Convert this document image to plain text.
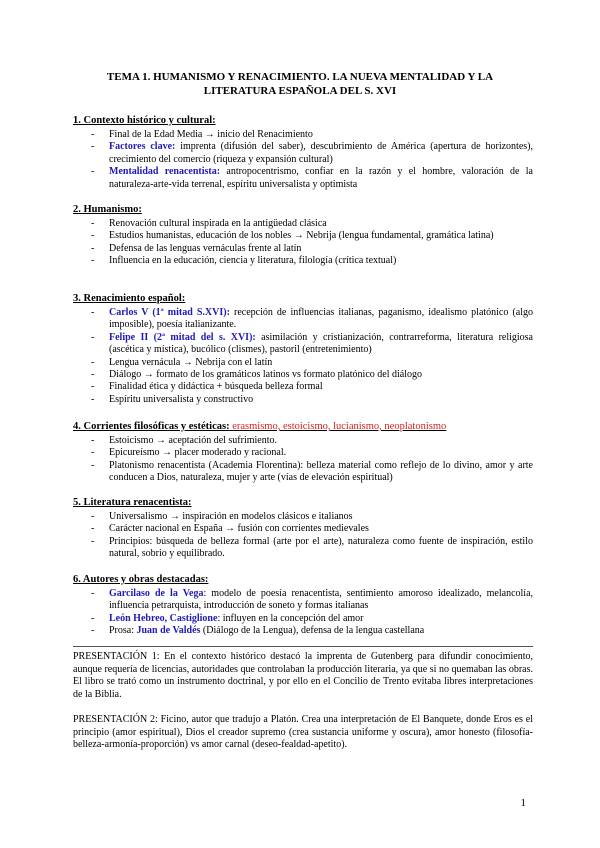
TEMA 1. HUMANISMO Y RENACIMIENTO. LA NUEVA MENTALIDAD Y LA LITERATURA ESPAÑOLA DEL S. XVI
1. Contexto histórico y cultural:
- Final de la Edad Media → inicio del Renacimiento
- Factores clave: imprenta (difusión del saber), descubrimiento de América (apertura de horizontes), crecimiento del comercio (riqueza y expansión cultural)
- Mentalidad renacentista: antropocentrismo, confiar en la razón y el hombre, valoración de la naturaleza-arte-vida terrenal, espíritu universalista y optimista
2. Humanismo:
- Renovación cultural inspirada en la antigüedad clásica
- Estudios humanistas, educación de los nobles → Nebrija (lengua fundamental, gramática latina)
- Defensa de las lenguas vernáculas frente al latín
- Influencia en la educación, ciencia y literatura, filología (crítica textual)
3. Renacimiento español:
- Carlos V (1ª mitad S.XVI): recepción de influencias italianas, paganismo, idealismo platónico (algo imposible), poesía italianizante.
- Felipe II (2ª mitad del s. XVI): asimilación y cristianización, contrarreforma, literatura religiosa (ascética y mística), bucólico (clismes), pastoril (entretenimiento)
- Lengua vernácula → Nebrija con el latín
- Diálogo → formato de los gramáticos latinos vs formato platónico del diálogo
- Finalidad ética y didáctica + búsqueda belleza formal
- Espíritu universalista y constructivo
4. Corrientes filosóficas y estéticas: erasmismo, estoicismo, lucianismo, neoplatonismo
- Estoicismo → aceptación del sufrimiento.
- Epicureísmo → placer moderado y racional.
- Platonismo renacentista (Academia Florentina): belleza material como reflejo de lo divino, amor y arte conducen a Dios, naturaleza, mujer y arte (vías de elevación espiritual)
5. Literatura renacentista:
- Universalismo → inspiración en modelos clásicos e italianos
- Carácter nacional en España → fusión con corrientes medievales
- Principios: búsqueda de belleza formal (arte por el arte), naturaleza como fuente de inspiración, estilo natural, sobrio y equilibrado.
6. Autores y obras destacadas:
- Garcilaso de la Vega: modelo de poesía renacentista, sentimiento amoroso idealizado, melancolía, influencia petrarquista, introducción de soneto y formas italianas
- León Hebreo, Castiglione: influyen en la concepción del amor
- Prosa: Juan de Valdés (Diálogo de la Lengua), defensa de la lengua castellana
PRESENTACIÓN 1: En el contexto histórico destacó la imprenta de Gutenberg para difundir conocimiento, aunque requería de licencias, autoridades que controlaban la producción literaria, ya que si no quemaban las obras. El libro se trató como un instrumento doctrinal, y por ello en el Concilio de Trento evitaba libres interpretaciones de la Biblia.
PRESENTACIÓN 2: Ficino, autor que tradujo a Platón. Crea una interpretación de El Banquete, donde Eros es el principio (amor espiritual), Dios el creador supremo (crea sustancia uniforme y oscura), amor honesto (filosofía-belleza-armonía-proporción) vs amor carnal (deseo-fealdad-apetito).
1
